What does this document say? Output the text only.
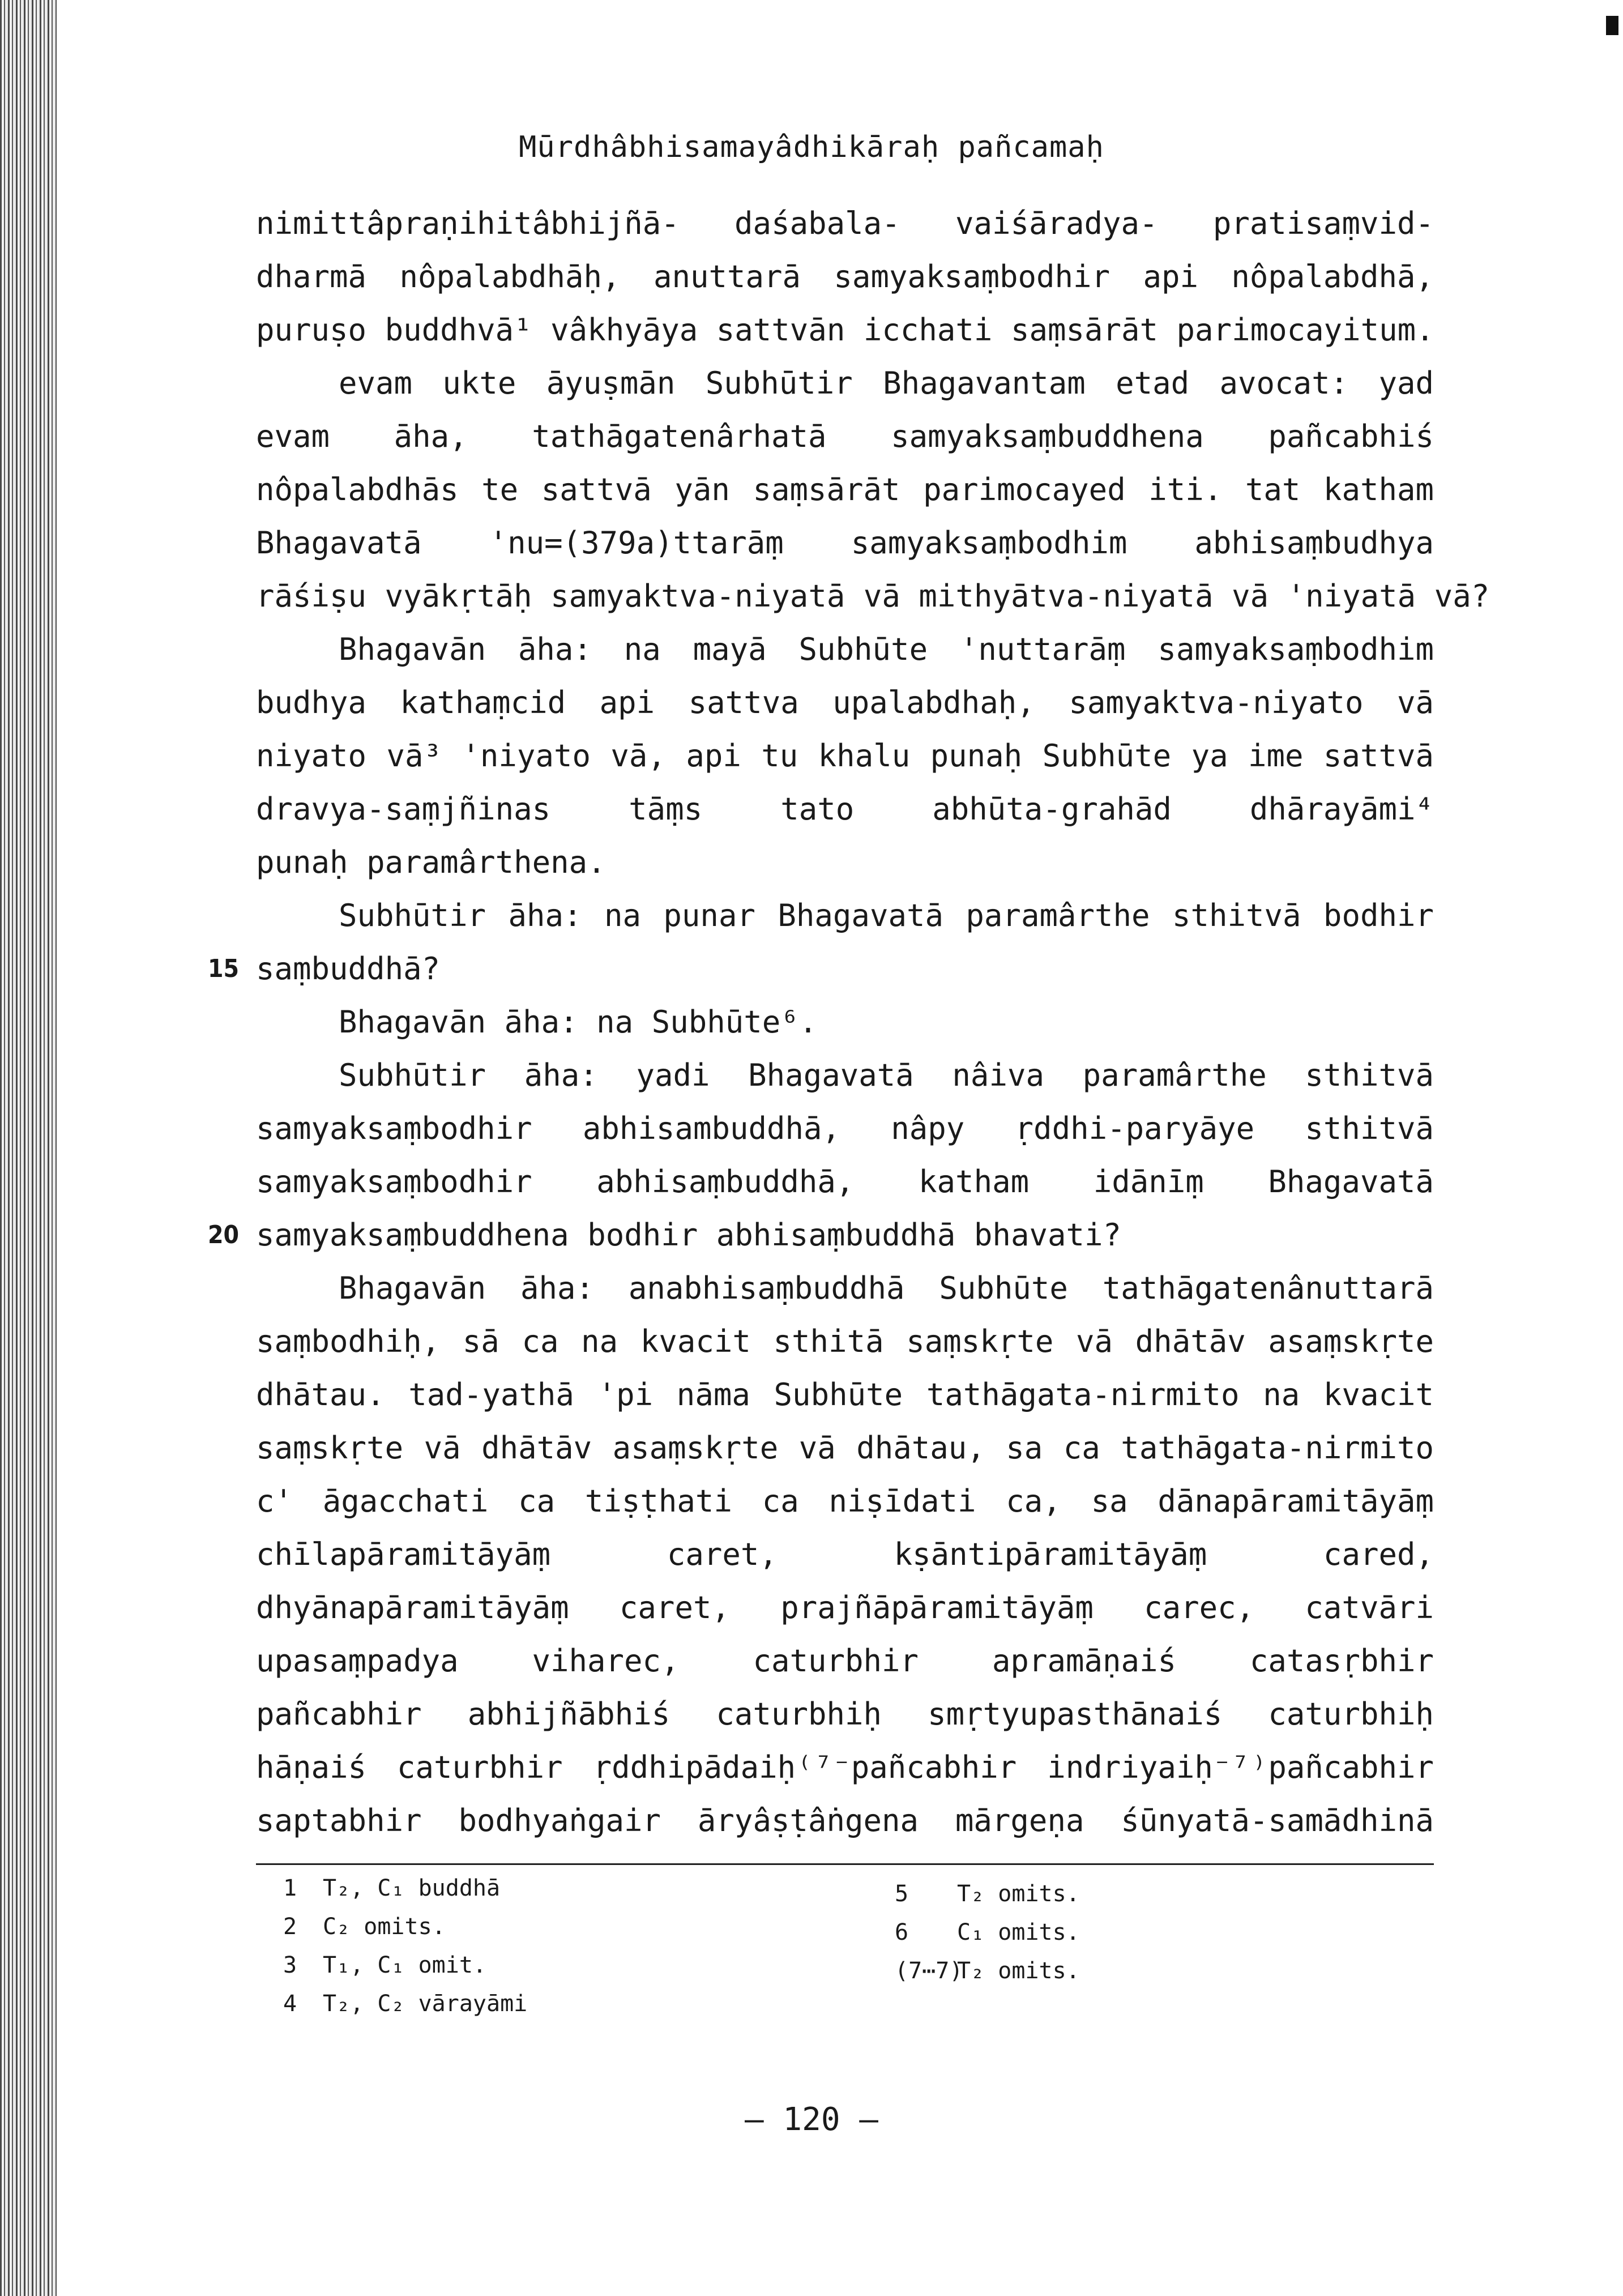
Mūrdhâbhisamayâdhikāraḥ pañcamaḥ
nimittâpraṇihitâbhijñā- daśabala- vaiśāradya- pratisaṃvid-
dharmā nôpalabdhāḥ, anuttarā samyaksaṃbodhir api nôpalabdhā,
puruṣo buddhvā¹ vâkhyāya sattvān icchati saṃsārāt parimocayitum.
evam ukte āyuṣmān Subhūtir Bhagavantam etad avocat: yad
evam āha, tathāgatenârhatā samyaksaṃbuddhena pañcabhiś
nôpalabdhās te sattvā yān saṃsārāt parimocayed iti. tat katham
Bhagavatā 'nu=(379a)ttarāṃ samyaksaṃbodhim abhisaṃbudhya
rāśiṣu vyākṛtāḥ samyaktva-niyatā vā mithyātva-niyatā vā 'niyatā vā?
Bhagavān āha: na mayā Subhūte 'nuttarāṃ samyaksaṃbodhim
budhya kathaṃcid api sattva upalabdhaḥ, samyaktva-niyato vā
niyato vā³ 'niyato vā, api tu khalu punaḥ Subhūte ya ime sattvā
dravya-saṃjñinas tāṃs tato abhūta-grahād dhārayāmi⁴
punaḥ paramârthena.
Subhūtir āha: na punar Bhagavatā paramârthe sthitvā bodhir
saṃbuddhā?
15
Bhagavān āha: na Subhūte⁶.
Subhūtir āha: yadi Bhagavatā nâiva paramârthe sthitvā
samyaksaṃbodhir abhisambuddhā, nâpy ṛddhi-paryāye sthitvā
samyaksaṃbodhir abhisaṃbuddhā, katham idānīṃ Bhagavatā
samyaksaṃbuddhena bodhir abhisaṃbuddhā bhavati?
20
Bhagavān āha: anabhisaṃbuddhā Subhūte tathāgatenânuttarā
saṃbodhiḥ, sā ca na kvacit sthitā saṃskṛte vā dhātāv asaṃskṛte
dhātau. tad-yathā 'pi nāma Subhūte tathāgata-nirmito na kvacit
saṃskṛte vā dhātāv asaṃskṛte vā dhātau, sa ca tathāgata-nirmito
c' āgacchati ca tiṣṭhati ca niṣīdati ca, sa dānapāramitāyāṃ
chīlapāramitāyāṃ caret, kṣāntipāramitāyāṃ cared,
dhyānapāramitāyāṃ caret, prajñāpāramitāyāṃ carec, catvāri
upasaṃpadya viharec, caturbhir apramāṇaiś catasṛbhir
pañcabhir abhijñābhiś caturbhiḥ smṛtyupasthānaiś caturbhiḥ
hāṇaiś caturbhir ṛddhipādaiḥ⁽⁷⁻pañcabhir indriyaiḥ⁻⁷⁾pañcabhir
saptabhir bodhyaṅgair āryâṣṭâṅgena mārgeṇa śūnyatā-samādhinā
1 T₂, C₁ buddhā
2 C₂ omits.
3 T₁, C₁ omit.
4 T₂, C₂ vārayāmi
5 T₂ omits.
6 C₁ omits.
(7⋯7)T₂ omits.
— 120 —
